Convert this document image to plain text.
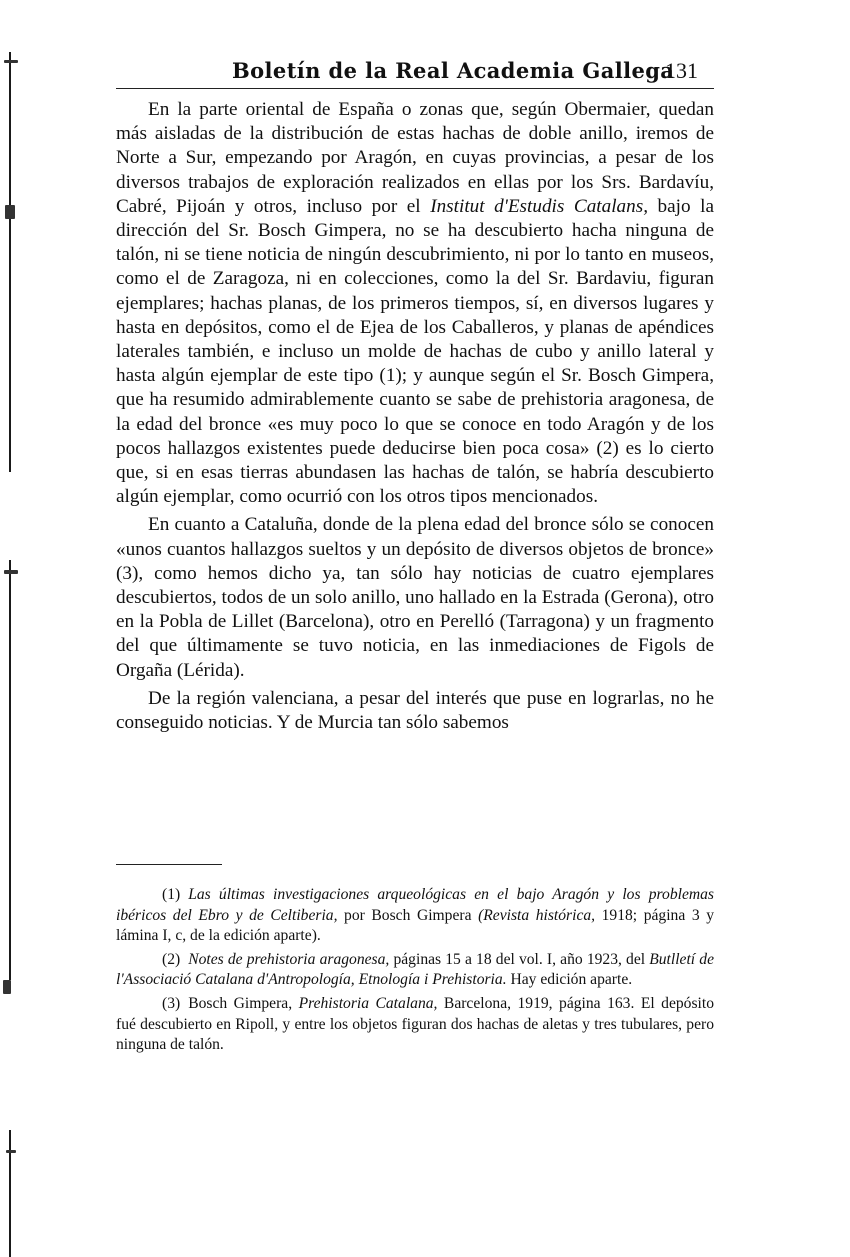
Boletín de la Real Academia Gallega
131

En la parte oriental de España o zonas que, según Obermaier, quedan más aisladas de la distribución de estas hachas de doble anillo, iremos de Norte a Sur, empezando por Aragón, en cuyas provincias, a pesar de los diversos trabajos de exploración realizados en ellas por los Srs. Bardavíu, Cabré, Pijoán y otros, incluso por el Institut d'Estudis Catalans, bajo la dirección del Sr. Bosch Gimpera, no se ha descubierto hacha ninguna de talón, ni se tiene noticia de ningún descubrimiento, ni por lo tanto en museos, como el de Zaragoza, ni en colecciones, como la del Sr. Bardaviu, figuran ejemplares; hachas planas, de los primeros tiempos, sí, en diversos lugares y hasta en depósitos, como el de Ejea de los Caballeros, y planas de apéndices laterales también, e incluso un molde de hachas de cubo y anillo lateral y hasta algún ejemplar de este tipo (1); y aunque según el Sr. Bosch Gimpera, que ha resumido admirablemente cuanto se sabe de prehistoria aragonesa, de la edad del bronce «es muy poco lo que se conoce en todo Aragón y de los pocos hallazgos existentes puede deducirse bien poca cosa» (2) es lo cierto que, si en esas tierras abundasen las hachas de talón, se habría descubierto algún ejemplar, como ocurrió con los otros tipos mencionados.

En cuanto a Cataluña, donde de la plena edad del bronce sólo se conocen «unos cuantos hallazgos sueltos y un depósito de diversos objetos de bronce» (3), como hemos dicho ya, tan sólo hay noticias de cuatro ejemplares descubiertos, todos de un solo anillo, uno hallado en la Estrada (Gerona), otro en la Pobla de Lillet (Barcelona), otro en Perelló (Tarragona) y un fragmento del que últimamente se tuvo noticia, en las inmediaciones de Figols de Orgaña (Lérida).

De la región valenciana, a pesar del interés que puse en lograrlas, no he conseguido noticias. Y de Murcia tan sólo sabemos

(1) Las últimas investigaciones arqueológicas en el bajo Aragón y los problemas ibéricos del Ebro y de Celtiberia, por Bosch Gimpera (Revista histórica, 1918; página 3 y lámina I, c, de la edición aparte).

(2) Notes de prehistoria aragonesa, páginas 15 a 18 del vol. I, año 1923, del Butlletí de l'Associació Catalana d'Antropología, Etnología i Prehistoria. Hay edición aparte.

(3) Bosch Gimpera, Prehistoria Catalana, Barcelona, 1919, página 163. El depósito fué descubierto en Ripoll, y entre los objetos figuran dos hachas de aletas y tres tubulares, pero ninguna de talón.
